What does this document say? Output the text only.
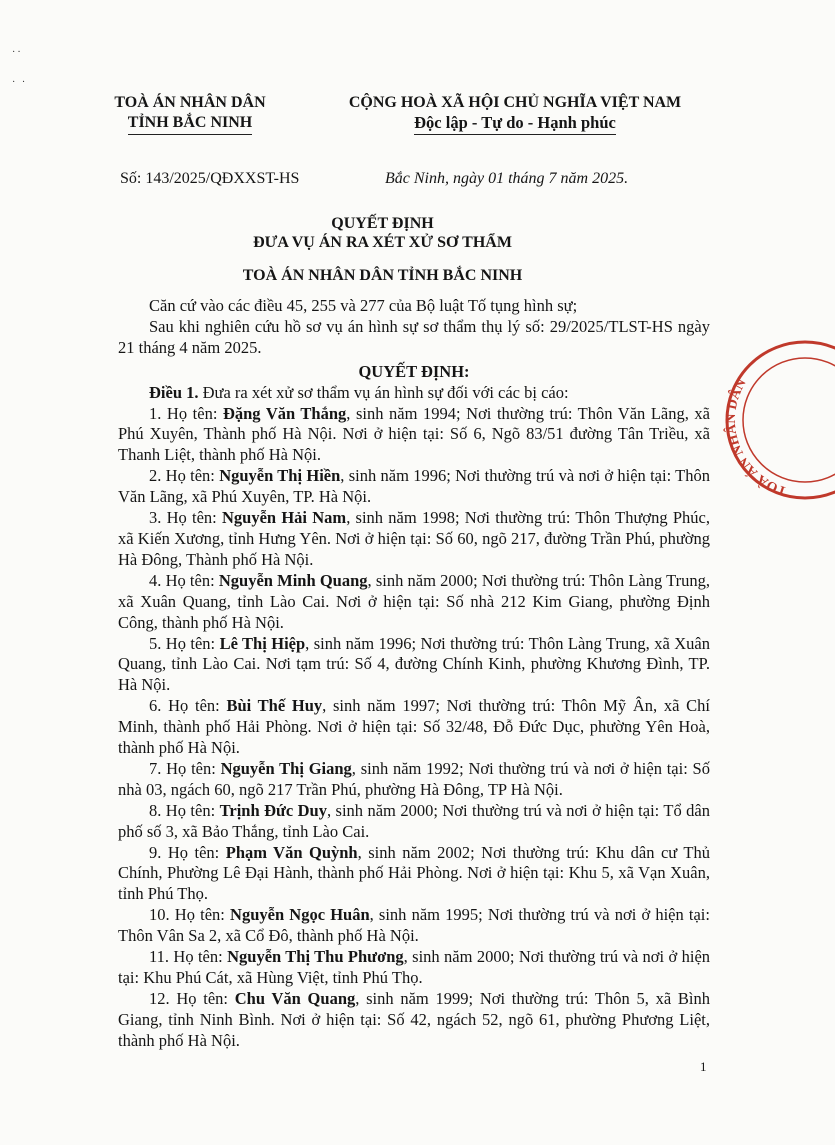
··
· ·
TOÀ ÁN NHÂN DÂN
TỈNH BẮC NINH
CỘNG HOÀ XÃ HỘI CHỦ NGHĨA VIỆT NAM
Độc lập - Tự do - Hạnh phúc
Số: 143/2025/QĐXXST-HS	Bắc Ninh, ngày 01 tháng 7 năm 2025.
QUYẾT ĐỊNH
ĐƯA VỤ ÁN RA XÉT XỬ SƠ THẨM
TOÀ ÁN NHÂN DÂN TỈNH BẮC NINH

Căn cứ vào các điều 45, 255 và 277 của Bộ luật Tố tụng hình sự;

Sau khi nghiên cứu hồ sơ vụ án hình sự sơ thẩm thụ lý số: 29/2025/TLST-HS ngày 21 tháng 4 năm 2025.

QUYẾT ĐỊNH:

Điều 1. Đưa ra xét xử sơ thẩm vụ án hình sự đối với các bị cáo:

1. Họ tên: Đặng Văn Thắng, sinh năm 1994; Nơi thường trú: Thôn Văn Lãng, xã Phú Xuyên, Thành phố Hà Nội. Nơi ở hiện tại: Số 6, Ngõ 83/51 đường Tân Triều, xã Thanh Liệt, thành phố Hà Nội.

2. Họ tên: Nguyễn Thị Hiền, sinh năm 1996; Nơi thường trú và nơi ở hiện tại: Thôn Văn Lãng, xã Phú Xuyên, TP. Hà Nội.

3. Họ tên: Nguyễn Hải Nam, sinh năm 1998; Nơi thường trú: Thôn Thượng Phúc, xã Kiến Xương, tỉnh Hưng Yên. Nơi ở hiện tại: Số 60, ngõ 217, đường Trần Phú, phường Hà Đông, Thành phố Hà Nội.

4. Họ tên: Nguyễn Minh Quang, sinh năm 2000; Nơi thường trú: Thôn Làng Trung, xã Xuân Quang, tỉnh Lào Cai. Nơi ở hiện tại: Số nhà 212 Kim Giang, phường Định Công, thành phố Hà Nội.

5. Họ tên: Lê Thị Hiệp, sinh năm 1996; Nơi thường trú: Thôn Làng Trung, xã Xuân Quang, tỉnh Lào Cai. Nơi tạm trú: Số 4, đường Chính Kinh, phường Khương Đình, TP. Hà Nội.

6. Họ tên: Bùi Thế Huy, sinh năm 1997; Nơi thường trú: Thôn Mỹ Ân, xã Chí Minh, thành phố Hải Phòng. Nơi ở hiện tại: Số 32/48, Đỗ Đức Dục, phường Yên Hoà, thành phố Hà Nội.

7. Họ tên: Nguyễn Thị Giang, sinh năm 1992; Nơi thường trú và nơi ở hiện tại: Số nhà 03, ngách 60, ngõ 217 Trần Phú, phường Hà Đông, TP Hà Nội.

8. Họ tên: Trịnh Đức Duy, sinh năm 2000; Nơi thường trú và nơi ở hiện tại: Tổ dân phố số 3, xã Bảo Thắng, tỉnh Lào Cai.

9. Họ tên: Phạm Văn Quỳnh, sinh năm 2002; Nơi thường trú: Khu dân cư Thủ Chính, Phường Lê Đại Hành, thành phố Hải Phòng. Nơi ở hiện tại: Khu 5, xã Vạn Xuân, tỉnh Phú Thọ.

10. Họ tên: Nguyễn Ngọc Huân, sinh năm 1995; Nơi thường trú và nơi ở hiện tại: Thôn Vân Sa 2, xã Cổ Đô, thành phố Hà Nội.

11. Họ tên: Nguyễn Thị Thu Phương, sinh năm 2000; Nơi thường trú và nơi ở hiện tại: Khu Phú Cát, xã Hùng Việt, tỉnh Phú Thọ.

12. Họ tên: Chu Văn Quang, sinh năm 1999; Nơi thường trú: Thôn 5, xã Bình Giang, tỉnh Ninh Bình. Nơi ở hiện tại: Số 42, ngách 52, ngõ 61, phường Phương Liệt, thành phố Hà Nội.

TOÀ ÁN NHÂN DÂN
1
